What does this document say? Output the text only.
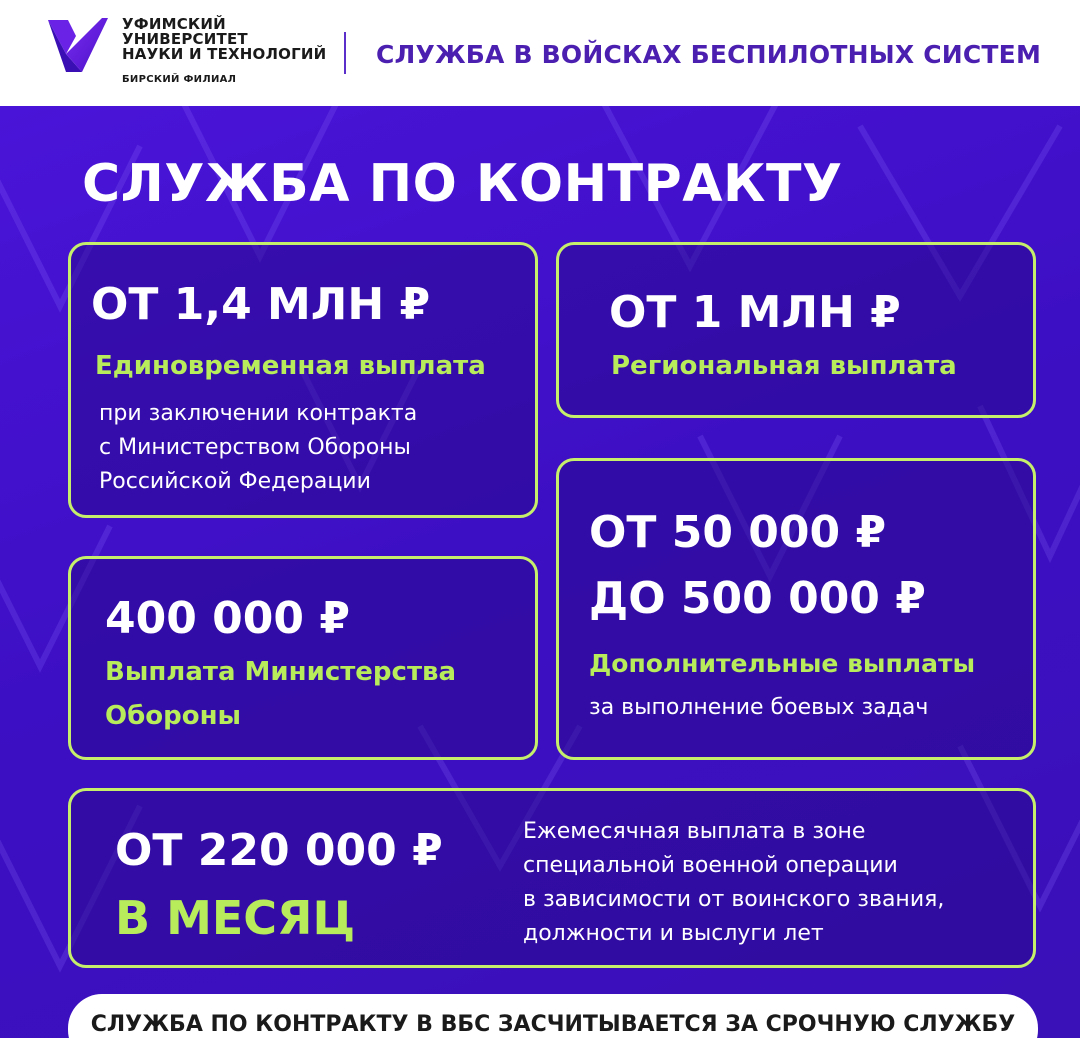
УФИМСКИЙ
УНИВЕРСИТЕТ
НАУКИ И ТЕХНОЛОГИЙ
БИРСКИЙ ФИЛИАЛ
СЛУЖБА В ВОЙСКАХ БЕСПИЛОТНЫХ СИСТЕМ
СЛУЖБА ПО КОНТРАКТУ
ОТ 1,4 МЛН ₽
Единовременная выплата
при заключении контракта
с Министерством Обороны
Российской Федерации
ОТ 1 МЛН ₽
Региональная выплата
400 000 ₽
Выплата Министерства
Обороны
ОТ 50 000 ₽
ДО 500 000 ₽
Дополнительные выплаты
за выполнение боевых задач
ОТ 220 000 ₽
В МЕСЯЦ
Ежемесячная выплата в зоне
специальной военной операции
в зависимости от воинского звания,
должности и выслуги лет
СЛУЖБА ПО КОНТРАКТУ В ВБС ЗАСЧИТЫВАЕТСЯ ЗА СРОЧНУЮ СЛУЖБУ
